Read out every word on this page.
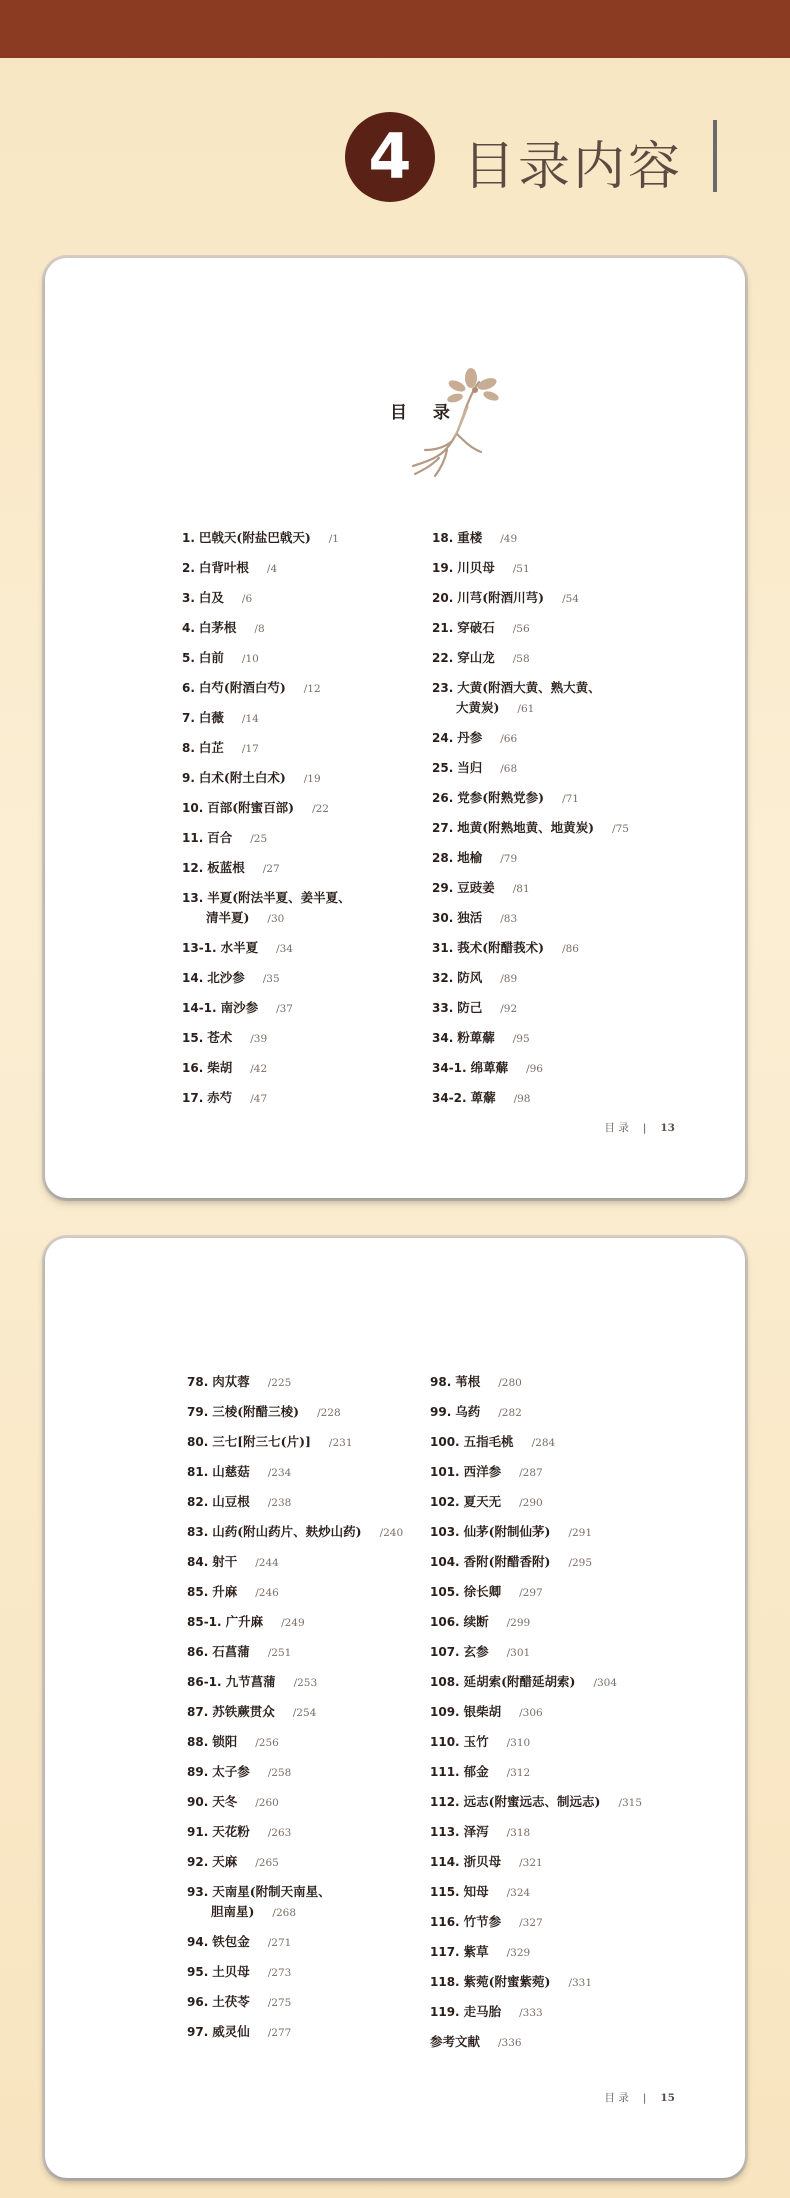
4 目录内容
目 录
1. 巴戟天(附盐巴戟天) /1
2. 白背叶根 /4
3. 白及 /6
4. 白茅根 /8
5. 白前 /10
6. 白芍(附酒白芍) /12
7. 白薇 /14
8. 白芷 /17
9. 白术(附土白术) /19
10. 百部(附蜜百部) /22
11. 百合 /25
12. 板蓝根 /27
13. 半夏(附法半夏、姜半夏、
清半夏) /30
13-1. 水半夏 /34
14. 北沙参 /35
14-1. 南沙参 /37
15. 苍术 /39
16. 柴胡 /42
17. 赤芍 /47
18. 重楼 /49
19. 川贝母 /51
20. 川芎(附酒川芎) /54
21. 穿破石 /56
22. 穿山龙 /58
23. 大黄(附酒大黄、熟大黄、
大黄炭) /61
24. 丹参 /66
25. 当归 /68
26. 党参(附熟党参) /71
27. 地黄(附熟地黄、地黄炭) /75
28. 地榆 /79
29. 豆豉姜 /81
30. 独活 /83
31. 莪术(附醋莪术) /86
32. 防风 /89
33. 防己 /92
34. 粉萆薢 /95
34-1. 绵萆薢 /96
34-2. 萆薢 /98
目 录 | 13
78. 肉苁蓉 /225
79. 三棱(附醋三棱) /228
80. 三七[附三七(片)] /231
81. 山慈菇 /234
82. 山豆根 /238
83. 山药(附山药片、麸炒山药) /240
84. 射干 /244
85. 升麻 /246
85-1. 广升麻 /249
86. 石菖蒲 /251
86-1. 九节菖蒲 /253
87. 苏铁蕨贯众 /254
88. 锁阳 /256
89. 太子参 /258
90. 天冬 /260
91. 天花粉 /263
92. 天麻 /265
93. 天南星(附制天南星、
胆南星) /268
94. 铁包金 /271
95. 土贝母 /273
96. 土茯苓 /275
97. 威灵仙 /277
98. 苇根 /280
99. 乌药 /282
100. 五指毛桃 /284
101. 西洋参 /287
102. 夏天无 /290
103. 仙茅(附制仙茅) /291
104. 香附(附醋香附) /295
105. 徐长卿 /297
106. 续断 /299
107. 玄参 /301
108. 延胡索(附醋延胡索) /304
109. 银柴胡 /306
110. 玉竹 /310
111. 郁金 /312
112. 远志(附蜜远志、制远志) /315
113. 泽泻 /318
114. 浙贝母 /321
115. 知母 /324
116. 竹节参 /327
117. 紫草 /329
118. 紫菀(附蜜紫菀) /331
119. 走马胎 /333
参考文献 /336
目 录 | 15
